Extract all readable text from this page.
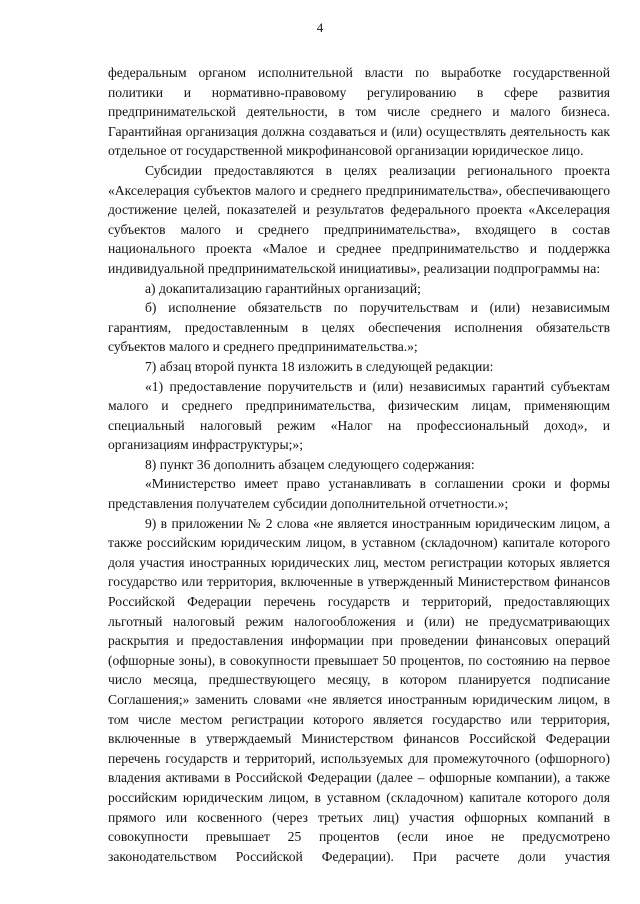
4

федеральным органом исполнительной власти по выработке государственной политики и нормативно-правовому регулированию в сфере развития предпринимательской деятельности, в том числе среднего и малого бизнеса. Гарантийная организация должна создаваться и (или) осуществлять деятельность как отдельное от государственной микрофинансовой организации юридическое лицо.

Субсидии предоставляются в целях реализации регионального проекта «Акселерация субъектов малого и среднего предпринимательства», обеспечивающего достижение целей, показателей и результатов федерального проекта «Акселерация субъектов малого и среднего предпринимательства», входящего в состав национального проекта «Малое и среднее предпринимательство и поддержка индивидуальной предпринимательской инициативы», реализации подпрограммы на:

а) докапитализацию гарантийных организаций;

б) исполнение обязательств по поручительствам и (или) независимым гарантиям, предоставленным в целях обеспечения исполнения обязательств субъектов малого и среднего предпринимательства.»;

7) абзац второй пункта 18 изложить в следующей редакции:

«1) предоставление поручительств и (или) независимых гарантий субъектам малого и среднего предпринимательства, физическим лицам, применяющим специальный налоговый режим «Налог на профессиональный доход», и организациям инфраструктуры;»;

8) пункт 36 дополнить абзацем следующего содержания:

«Министерство имеет право устанавливать в соглашении сроки и формы представления получателем субсидии дополнительной отчетности.»;

9) в приложении № 2 слова «не является иностранным юридическим лицом, а также российским юридическим лицом, в уставном (складочном) капитале которого доля участия иностранных юридических лиц, местом регистрации которых является государство или территория, включенные в утвержденный Министерством финансов Российской Федерации перечень государств и территорий, предоставляющих льготный налоговый режим налогообложения и (или) не предусматривающих раскрытия и предоставления информации при проведении финансовых операций (офшорные зоны), в совокупности превышает 50 процентов, по состоянию на первое число месяца, предшествующего месяцу, в котором планируется подписание Соглашения;» заменить словами «не является иностранным юридическим лицом, в том числе местом регистрации которого является государство или территория, включенные в утверждаемый Министерством финансов Российской Федерации перечень государств и территорий, используемых для промежуточного (офшорного) владения активами в Российской Федерации (далее – офшорные компании), а также российским юридическим лицом, в уставном (складочном) капитале которого доля прямого или косвенного (через третьих лиц) участия офшорных компаний в совокупности превышает 25 процентов (если иное не предусмотрено законодательством Российской Федерации). При расчете доли участия
